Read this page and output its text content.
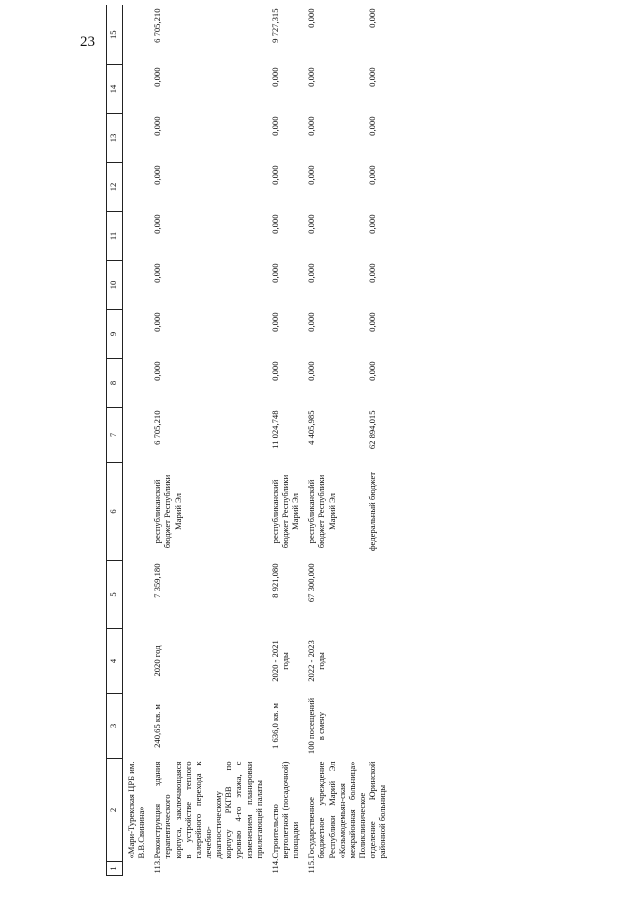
23
1	2	3	4	5	6	7	8	9	10	11	12	13	14	15
	«Мари-Турекская ЦРБ им. В.В.Свинина»													
113.	Реконструкция здания терапевтического корпуса, заключающаяся в устройстве теплого галерейного перехода к лечебно-диагностическому корпусу РКГВВ по уровню 4-го этажа, с изменением планировки прилегающей палаты	240,65 кв. м	2020 год	7 359,180	республиканский бюджет Республики Марий Эл	6 705,210	0,000	0,000	0,000	0,000	0,000	0,000	0,000	6 705,210
114.	Строительство вертолетной (посадочной) площадки	1 636,0 кв. м	2020 - 2021 годы	8 921,080	республиканский бюджет Республики Марий Эл	11 024,748	0,000	0,000	0,000	0,000	0,000	0,000	0,000	9 727,315
115.	Государственное бюджетное учреждение Республики Марий Эл «Козьмодемьян-ская межрайонная больница» Поликлиническое отделение Юринской районной больницы	100 посещений в смену	2022 - 2023 годы	67 300,000	республиканский бюджет Республики Марий Эл	4 405,985	0,000	0,000	0,000	0,000	0,000	0,000	0,000	0,000
					федеральный бюджет	62 894,015	0,000	0,000	0,000	0,000	0,000	0,000	0,000	0,000
